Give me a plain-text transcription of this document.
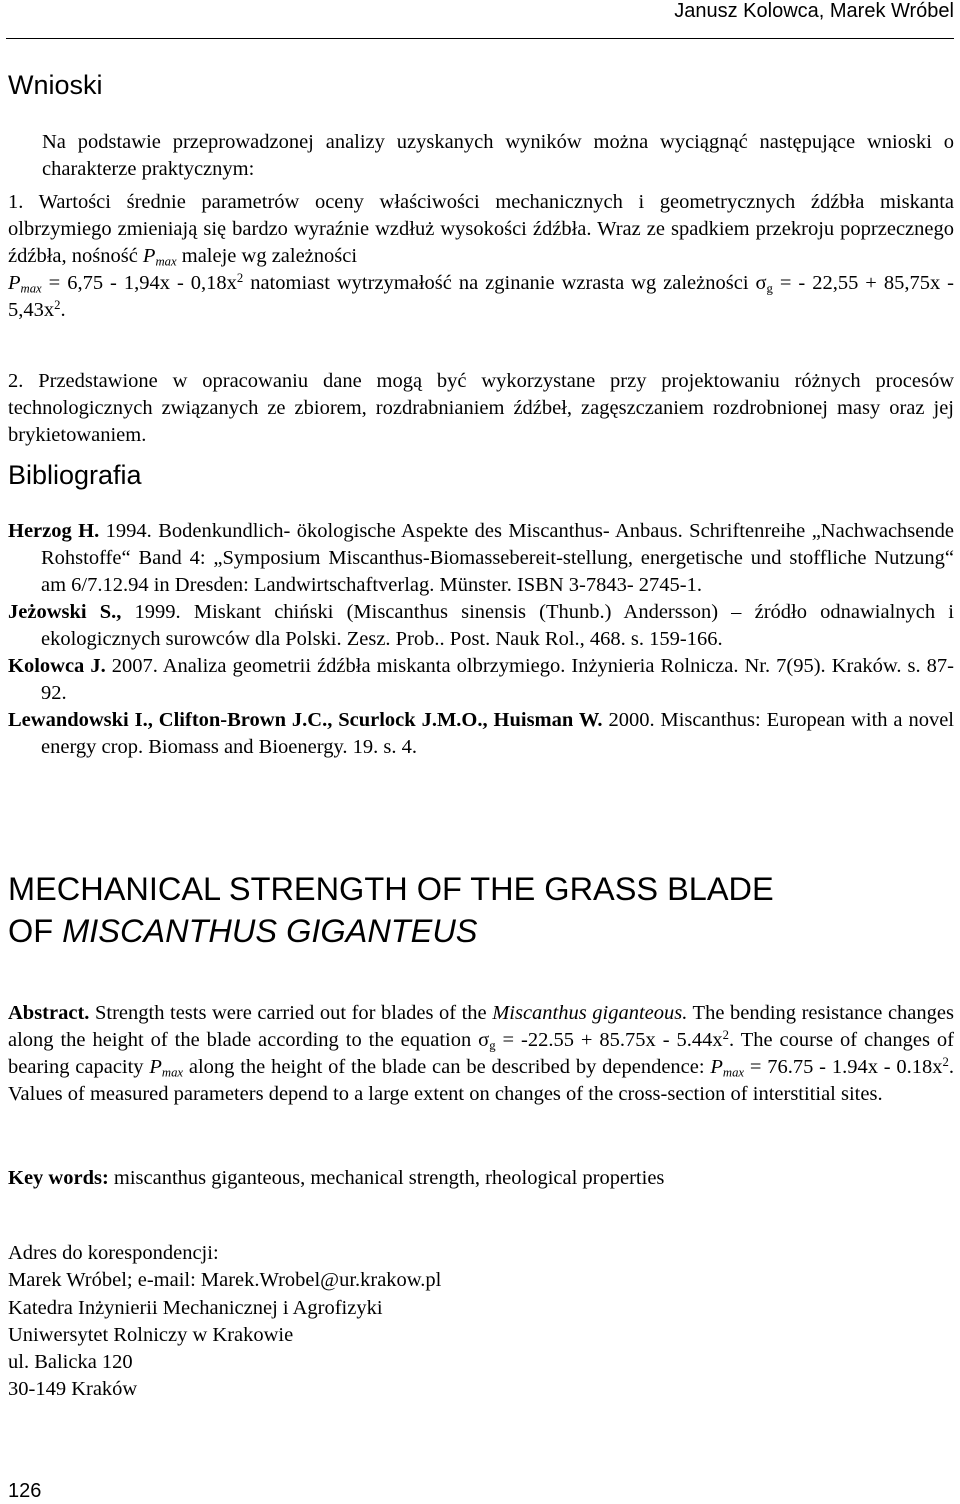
Janusz Kolowca, Marek Wróbel
Wnioski
Na podstawie przeprowadzonej analizy uzyskanych wyników można wyciągnąć następujące wnioski o charakterze praktycznym:
1. Wartości średnie parametrów oceny właściwości mechanicznych i geometrycznych źdźbła miskanta olbrzymiego zmieniają się bardzo wyraźnie wzdłuż wysokości źdźbła. Wraz ze spadkiem przekroju poprzecznego źdźbła, nośność $P_{max}$ maleje wg zależności
$P_{max} = 6,75 - 1,94x - 0,18x^2$ natomiast wytrzymałość na zginanie wzrasta wg zależności $\sigma_g$ = - $22,55 + 85,75x - 5,43x^2$.
2. Przedstawione w opracowaniu dane mogą być wykorzystane przy projektowaniu różnych procesów technologicznych związanych ze zbiorem, rozdrabnianiem źdźbeł, zagęszczaniem rozdrobnionej masy oraz jej brykietowaniem.
Bibliografia
Herzog H. 1994. Bodenkundlich- ökologische Aspekte des Miscanthus- Anbaus. Schriftenreihe „Nachwachsende Rohstoffe“ Band 4: „Symposium Miscanthus-Biomassebereit-stellung, energetische und stoffliche Nutzung“ am 6/7.12.94 in Dresden: Landwirtschaftverlag. Münster. ISBN 3-7843- 2745-1.
Jeżowski S., 1999. Miskant chiński (Miscanthus sinensis (Thunb.) Andersson) – źródło odnawialnych i ekologicznych surowców dla Polski. Zesz. Prob.. Post. Nauk Rol., 468. s. 159-166.
Kolowca J. 2007. Analiza geometrii źdźbła miskanta olbrzymiego. Inżynieria Rolnicza. Nr. 7(95). Kraków. s. 87-92.
Lewandowski I., Clifton-Brown J.C., Scurlock J.M.O., Huisman W. 2000. Miscanthus: European with a novel energy crop. Biomass and Bioenergy. 19. s. 4.
MECHANICAL STRENGTH OF THE GRASS BLADE
OF MISCANTHUS GIGANTEUS
Abstract. Strength tests were carried out for blades of the Miscanthus giganteous. The bending resistance changes along the height of the blade according to the equation $\sigma_g = -22.55 + 85.75x - 5.44x^2$. The course of changes of bearing capacity $P_{max}$ along the height of the blade can be described by dependence: $P_{max} = 76.75 - 1.94x - 0.18x^2$. Values of measured parameters depend to a large extent on changes of the cross-section of interstitial sites.
Key words: miscanthus giganteous, mechanical strength, rheological properties
Adres do korespondencji:
Marek Wróbel; e-mail: Marek.Wrobel@ur.krakow.pl
Katedra Inżynierii Mechanicznej i Agrofizyki
Uniwersytet Rolniczy w Krakowie
ul. Balicka 120
30-149 Kraków
126
